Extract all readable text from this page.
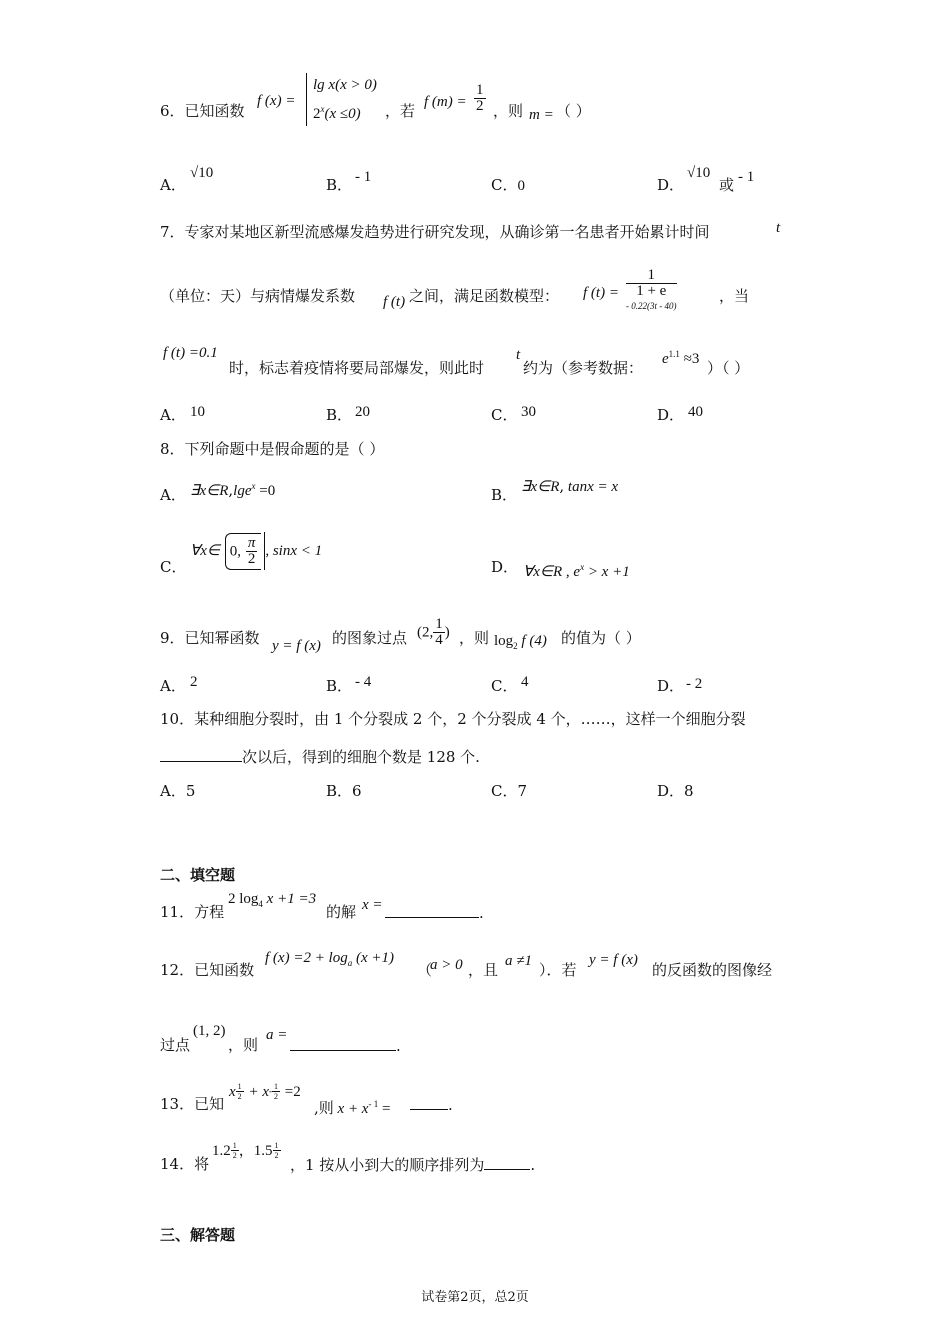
6．已知函数
f (x) =
lg x(x > 0)
$2^x(x \le 0)$	，若 f $(m) = \frac{1}{2}$ ，则 m = （ ）
A．
√10
B． - 1	C．0	D．
√10
或 - 1
7．专家对某地区新型流感爆发趋势进行研究发现，从确诊第一名患者开始累计时间	t
（单位：天）与病情爆发系数 f (t) 之间，满足函数模型： f (t) = 1
1 + e
$^{- 0.22(3t - 40)}$	，当
f (t) =0.1
时，标志着疫情将要局部爆发，则此时
t
约为（参考数据： $e^{1.1} \approx 3$ ）（ ）
A． 10	B． 20	C． 30	D． 40
8．下列命题中是假命题的是（ ）
A． ∃x∈R,lge$^x$ =0	B． ∃x∈R, tanx = x
C．
∀x∈ 0, $\frac{\pi}{2}$ , sinx < 1
D． ∀x∈R , $e^x > x +1$
9．已知幂函数 y = f (x) 的图象过点 (2, $\frac{1}{4}$ ) ，则 $\log_2 f$ (4) 的值为（ ）
A． 2	B． - 4	C． 4	D． - 2
10．某种细胞分裂时，由 1 个分裂成 2 个，2 个分裂成 4 个，……，这样一个细胞分裂
次以后，得到的细胞个数是 128 个.
A．5	B．6	C．7	D．8
二、填空题
11．方程
2 $\log_4 x +1 =3$
的解 x =	.
12．已知函数
f $(x) =2 + \log_a (x +1)$
（
a > 0 ，且 a ≠1 ）．若
y = f (x)
的反函数的图像经
过点
(1, 2)
，则
a =
.
13．已知
x $\frac{1}{2} + x^- \frac{1}{2} =2$
,则 $x + x^{- 1}$ =	.
14．将
$1.2 \frac{1}{2}$ ，$1.5 \frac{1}{2}$
，1 按从小到大的顺序排列为	.
三、解答题
试卷第2页，总2页
